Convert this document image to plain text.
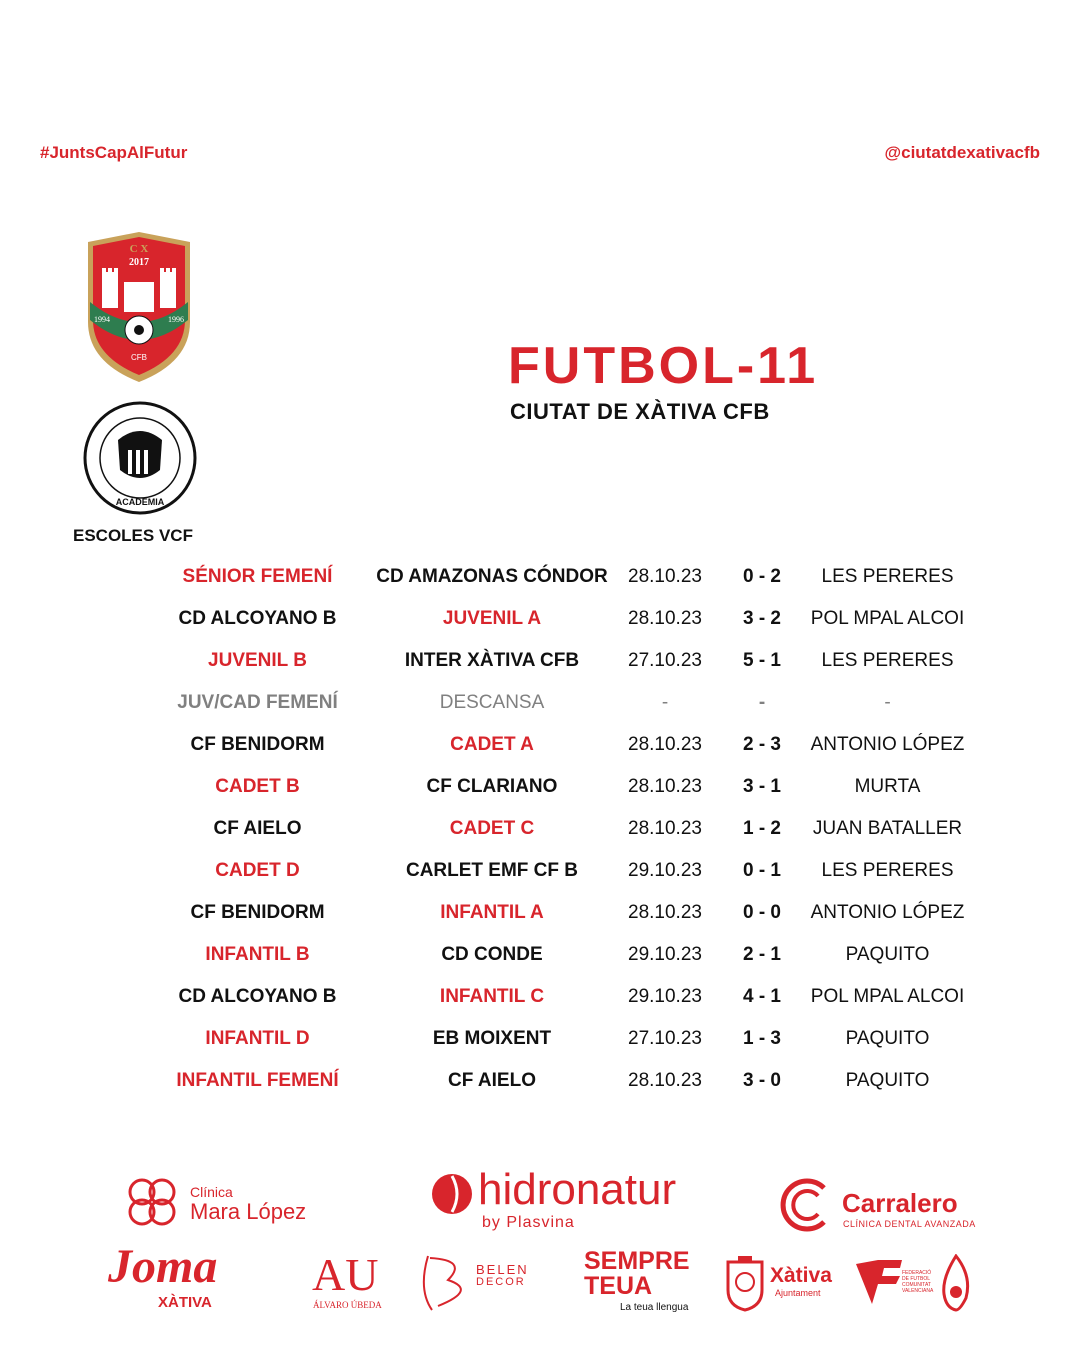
#JuntsCapAlFutur	@ciutatdexativacfb
C X
2017
1994	1996
CFB
ACADEMIA
ESCOLES VCF
FUTBOL-11
CIUTAT DE XÀTIVA CFB
SÉNIOR FEMENÍ	CD AMAZONAS CÓNDOR	28.10.23	0 - 2	LES PERERES
CD ALCOYANO B	JUVENIL A	28.10.23	3 - 2	POL MPAL ALCOI
JUVENIL B	INTER XÀTIVA CFB	27.10.23	5 - 1	LES PERERES
JUV/CAD FEMENÍ	DESCANSA	-	-	-
CF BENIDORM	CADET A	28.10.23	2 - 3	ANTONIO LÓPEZ
CADET B	CF CLARIANO	28.10.23	3 - 1	MURTA
CF AIELO	CADET C	28.10.23	1 - 2	JUAN BATALLER
CADET D	CARLET EMF CF B	29.10.23	0 - 1	LES PERERES
CF BENIDORM	INFANTIL A	28.10.23	0 - 0	ANTONIO LÓPEZ
INFANTIL B	CD CONDE	29.10.23	2 - 1	PAQUITO
CD ALCOYANO B	INFANTIL C	29.10.23	4 - 1	POL MPAL ALCOI
INFANTIL D	EB MOIXENT	27.10.23	1 - 3	PAQUITO
INFANTIL FEMENÍ	CF AIELO	28.10.23	3 - 0	PAQUITO
Clínica
Mara López	hidronatur
by Plasvina
Carralero
CLÍNICA DENTAL AVANZADA
Joma
XÀTIVA
AU
ÁLVARO ÚBEDA
BELEN
DECOR
SEMPRE
TEUA
La teua llengua
Xàtiva
Ajuntament
FEDERACIÓ DE FUTBOL COMUNITAT VALENCIANA
